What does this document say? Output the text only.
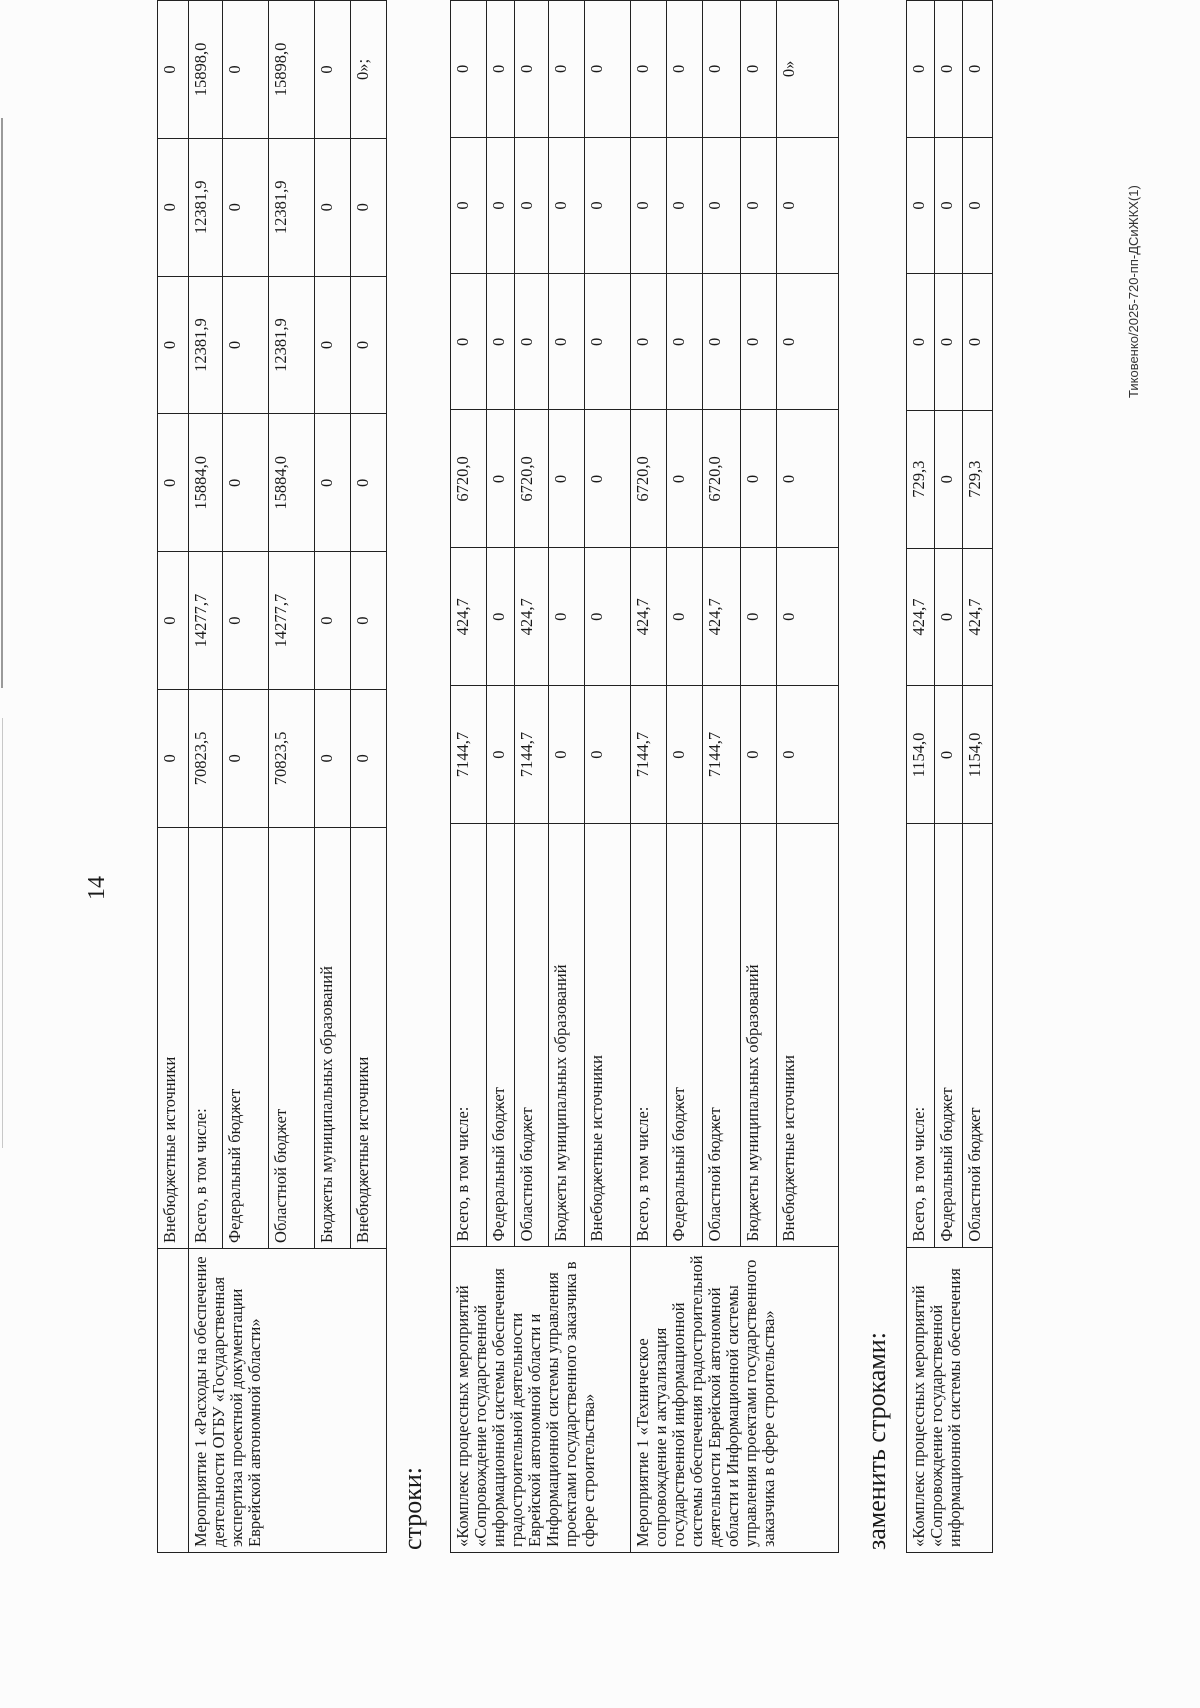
14
	Внебюджетные источники	0	0	0	0	0	0
Мероприятие 1 «Расходы на обеспечение деятельности ОГБУ «Государственная экспертиза проектной документации Еврейской автономной области»	Всего, в том числе:	70823,5	14277,7	15884,0	12381,9	12381,9	15898,0
	Федеральный бюджет	0	0	0	0	0	0
	Областной бюджет	70823,5	14277,7	15884,0	12381,9	12381,9	15898,0
	Бюджеты муниципальных образований	0	0	0	0	0	0
	Внебюджетные источники	0	0	0	0	0	0»;
строки: «Комплекс процессных мероприятий «Сопровождение государственной информационной системы обеспечения градостроительной деятельности Еврейской автономной области и Информационной системы управления проектами государственного заказчика в сфере строительства»	Всего, в том числе:	7144,7	424,7	6720,0	0	0	0
	Федеральный бюджет	0	0	0	0	0	0
	Областной бюджет	7144,7	424,7	6720,0	0	0	0
	Бюджеты муниципальных образований	0	0	0	0	0	0
	Внебюджетные источники	0	0	0	0	0	0
Мероприятие 1 «Техническое сопровождение и актуализация государственной информационной системы обеспечения градостроительной деятельности Еврейской автономной области и Информационной системы управления проектами государственного заказчика в сфере строительства»	Всего, в том числе:	7144,7	424,7	6720,0	0	0	0
	Федеральный бюджет	0	0	0	0	0	0
	Областной бюджет	7144,7	424,7	6720,0	0	0	0
	Бюджеты муниципальных образований	0	0	0	0	0	0
	Внебюджетные источники	0	0	0	0	0	0»
заменить строками: «Комплекс процессных мероприятий «Сопровождение государственной информационной системы обеспечения	Всего, в том числе:	1154,0	424,7	729,3	0	0	0
	Федеральный бюджет	0	0	0	0	0	0
	Областной бюджет	1154,0	424,7	729,3	0	0	0
Тиковенко/2025-720-пп-ДСиЖКХ(1)
